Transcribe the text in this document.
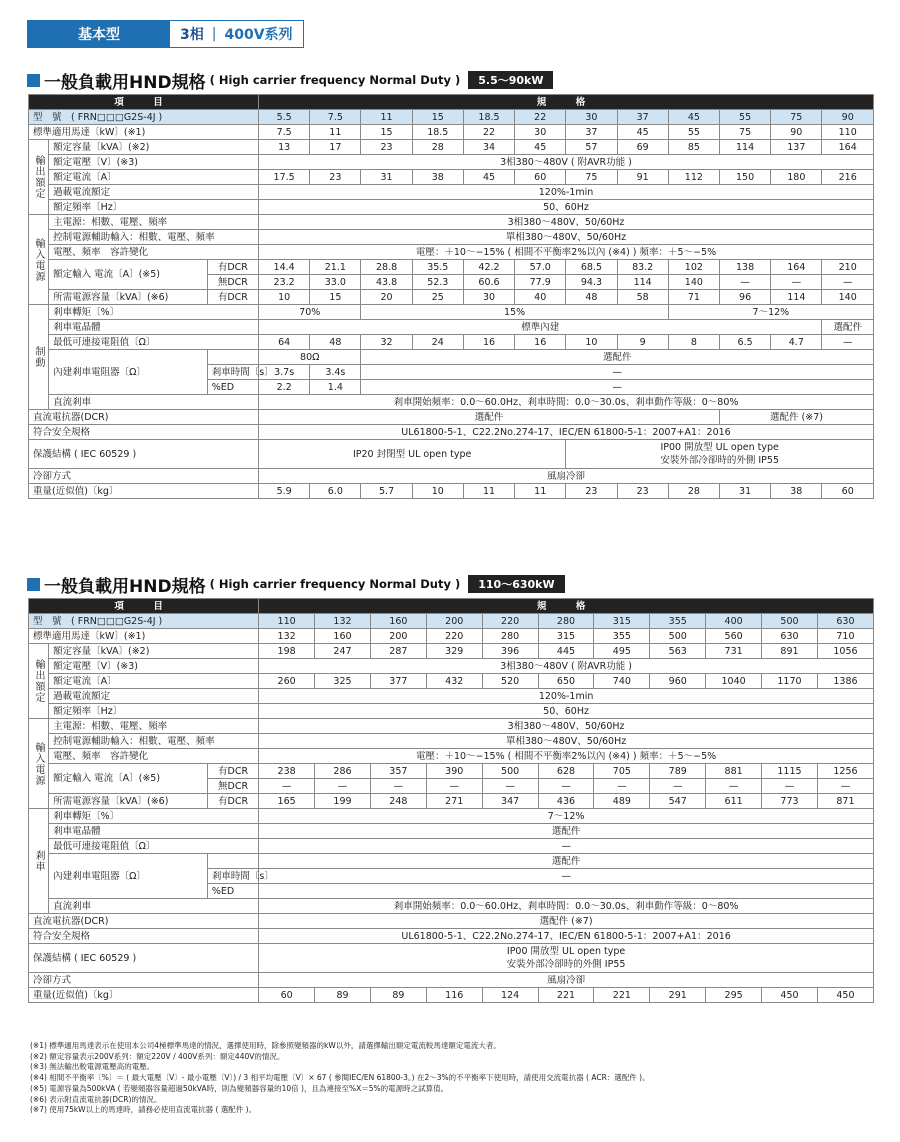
基本型	3相 | 400V系列
一般負載用HND規格 ( High carrier frequency Normal Duty )	5.5～90kW
項　目			規　格											
型　號　( FRN□□□G2S-4J )			5.5	7.5	11	15	18.5	22	30	37	45	55	75	90
標準適用馬達〔kW〕(※1)			7.5	11	15	18.5	22	30	37	45	55	75	90	110
輸出額定	額定容量〔kVA〕(※2)		13	17	23	28	34	45	57	69	85	114	137	164
	額定電壓〔V〕(※3)		3相380～480V ( 附AVR功能 )											
	額定電流〔A〕		17.5	23	31	38	45	60	75	91	112	150	180	216
	過載電流額定		120%-1min											
	額定頻率〔Hz〕		50、60Hz											
輸入電源	主電源：相數、電壓、頻率		3相380～480V、50/60Hz											
	控制電源輔助輸入：相數、電壓、頻率		單相380～480V、50/60Hz											
	電壓、頻率　容許變化		電壓：＋10～−15% ( 相間不平衡率2%以內 (※4) ) 頻率：＋5～−5%											
	額定輸入 電流〔A〕(※5)	有DCR	14.4	21.1	28.8	35.5	42.2	57.0	68.5	83.2	102	138	164	210
		無DCR	23.2	33.0	43.8	52.3	60.6	77.9	94.3	114	140	—	—	—
	所需電源容量〔kVA〕(※6)	有DCR	10	15	20	25	30	40	48	58	71	96	114	140
制動	剎車轉矩〔%〕		70%		15%						7～12%			
	剎車電晶體		標準內建											選配件
	最低可連接電阻值〔Ω〕		64	48	32	24	16	16	10	9	8	6.5	4.7	—
	內建剎車電阻器〔Ω〕		80Ω		選配件									
		剎車時間〔s〕	3.7s	3.4s	—									
		%ED	2.2	1.4	—									
	直流剎車		剎車開始頻率：0.0～60.0Hz、剎車時間：0.0～30.0s、剎車動作等級：0～80%											
直流電抗器(DCR)			選配件									選配件 (※7)		
符合安全規格			UL61800-5-1、C22.2No.274-17、IEC/EN 61800-5-1：2007+A1：2016											
保護結構 ( IEC 60529 )			IP20 封閉型 UL open type						IP00 開放型 UL open type
安裝外部冷卻時的外側 IP55					

冷卻方式			風扇冷卻											
重量(近似值)〔kg〕			5.9	6.0	5.7	10	11	11	23	23	28	31	38	60
一般負載用HND規格 ( High carrier frequency Normal Duty )	110～630kW
項　目			規　格										
型　號　( FRN□□□G2S-4J )			110	132	160	200	220	280	315	355	400	500	630
標準適用馬達〔kW〕(※1)			132	160	200	220	280	315	355	500	560	630	710
輸出額定	額定容量〔kVA〕(※2)		198	247	287	329	396	445	495	563	731	891	1056
	額定電壓〔V〕(※3)		3相380～480V ( 附AVR功能 )										
	額定電流〔A〕		260	325	377	432	520	650	740	960	1040	1170	1386
	過載電流額定		120%-1min										
	額定頻率〔Hz〕		50、60Hz										
輸入電源	主電源：相數、電壓、頻率		3相380～480V、50/60Hz										
	控制電源輔助輸入：相數、電壓、頻率		單相380～480V、50/60Hz										
	電壓、頻率　容許變化		電壓：＋10～−15% ( 相間不平衡率2%以內 (※4) ) 頻率：＋5～−5%										
	額定輸入 電流〔A〕(※5)	有DCR	238	286	357	390	500	628	705	789	881	1115	1256
		無DCR	—	—	—	—	—	—	—	—	—	—	—
	所需電源容量〔kVA〕(※6)	有DCR	165	199	248	271	347	436	489	547	611	773	871
剎車	剎車轉矩〔%〕		7～12%										
	剎車電晶體		選配件										
	最低可連接電阻值〔Ω〕		—										
	內建剎車電阻器〔Ω〕		選配件										
		剎車時間〔s〕	—										
		%ED											
	直流剎車		剎車開始頻率：0.0～60.0Hz、剎車時間：0.0～30.0s、剎車動作等級：0～80%										
直流電抗器(DCR)			選配件 (※7)										
符合安全規格			UL61800-5-1、C22.2No.274-17、IEC/EN 61800-5-1：2007+A1：2016										
保護結構 ( IEC 60529 )			IP00 開放型 UL open type
安裝外部冷卻時的外側 IP55										

冷卻方式			風扇冷卻										
重量(近似值)〔kg〕			60	89	89	116	124	221	221	291	295	450	450
(※1) 標準適用馬達表示在使用本公司4極標準馬達的情況，選擇使用時，除參照變頻器的kW以外，請選擇輸出額定電流較馬達額定電流大者。
(※2) 額定容量表示200V系列：額定220V / 400V系列：額定440V的情況。
(※3) 無法輸出較電源電壓高的電壓。
(※4) 相間不平衡率〔%〕＝ ( 最大電壓〔V〕- 最小電壓〔V〕) / 3 相平均電壓〔V〕× 67 ( 參閱IEC/EN 61800-3。) 在2～3%的不平衡率下使用時，請使用交流電抗器 ( ACR：選配件 )。
(※5) 電源容量為500kVA ( 若變頻器容量超過50kVA時，則為變頻器容量的10倍 )，且為連接至%X＝5%的電源時之試算值。
(※6) 表示附直流電抗器(DCR)的情況。
(※7) 使用75kW以上的馬達時，請務必使用直流電抗器 ( 選配件 )。
